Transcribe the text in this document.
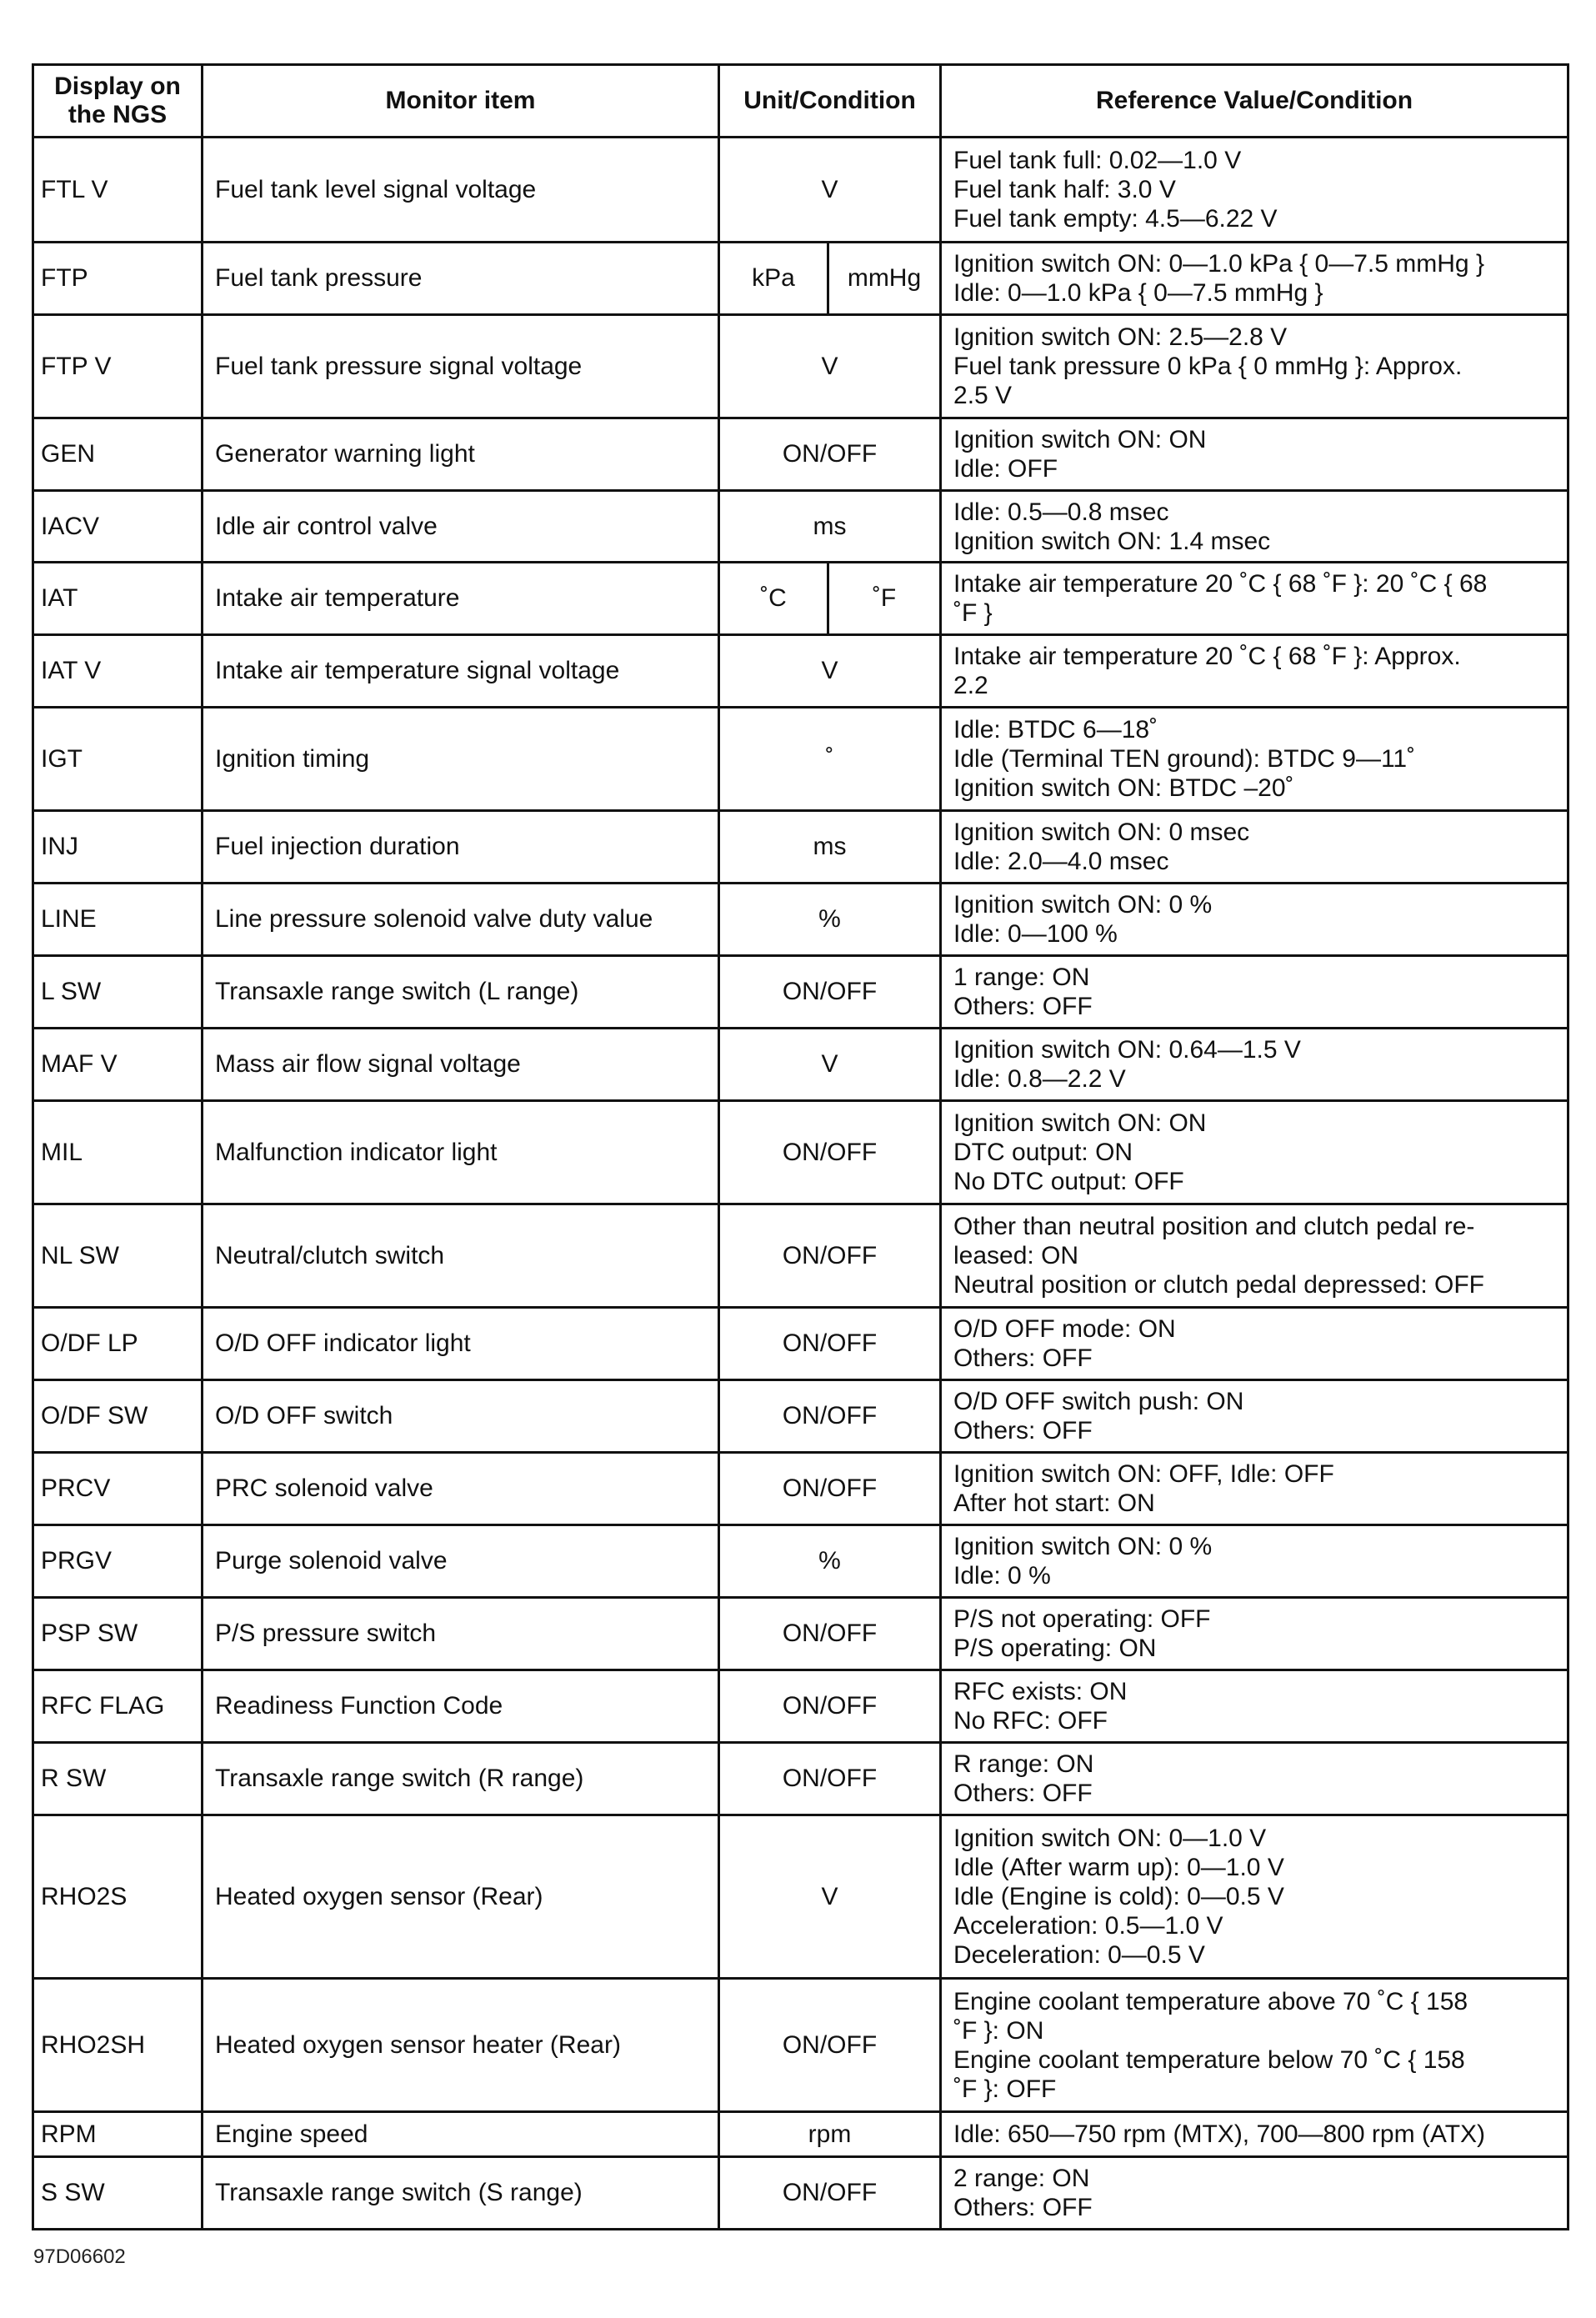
Display on the NGS	Monitor item	Unit/Condition		Reference Value/Condition
FTL V	Fuel tank level signal voltage	V		Fuel tank full: 0.02—1.0 V
Fuel tank half: 3.0 V
Fuel tank empty: 4.5—6.22 V

FTP	Fuel tank pressure	kPa	mmHg	Ignition switch ON: 0—1.0 kPa { 0—7.5 mmHg }
Idle: 0—1.0 kPa { 0—7.5 mmHg }

FTP V	Fuel tank pressure signal voltage	V		Ignition switch ON: 2.5—2.8 V
Fuel tank pressure 0 kPa { 0 mmHg }: Approx.
2.5 V

GEN	Generator warning light	ON/OFF		Ignition switch ON: ON
Idle: OFF

IACV	Idle air control valve	ms		Idle: 0.5—0.8 msec
Ignition switch ON: 1.4 msec

IAT	Intake air temperature	˚C	˚F	Intake air temperature 20 ˚C { 68 ˚F }: 20 ˚C { 68
˚F }

IAT V	Intake air temperature signal voltage	V		Intake air temperature 20 ˚C { 68 ˚F }: Approx.
2.2

IGT	Ignition timing	˚		Idle: BTDC 6—18˚
Idle (Terminal TEN ground): BTDC 9—11˚
Ignition switch ON: BTDC –20˚

INJ	Fuel injection duration	ms		Ignition switch ON: 0 msec
Idle: 2.0—4.0 msec

LINE	Line pressure solenoid valve duty value	%		Ignition switch ON: 0 %
Idle: 0—100 %

L SW	Transaxle range switch (L range)	ON/OFF		1 range: ON
Others: OFF

MAF V	Mass air flow signal voltage	V		Ignition switch ON: 0.64—1.5 V
Idle: 0.8—2.2 V

MIL	Malfunction indicator light	ON/OFF		Ignition switch ON: ON
DTC output: ON
No DTC output: OFF

NL SW	Neutral/clutch switch	ON/OFF		Other than neutral position and clutch pedal re-
leased: ON
Neutral position or clutch pedal depressed: OFF

O/DF LP	O/D OFF indicator light	ON/OFF		O/D OFF mode: ON
Others: OFF

O/DF SW	O/D OFF switch	ON/OFF		O/D OFF switch push: ON
Others: OFF

PRCV	PRC solenoid valve	ON/OFF		Ignition switch ON: OFF, Idle: OFF
After hot start: ON

PRGV	Purge solenoid valve	%		Ignition switch ON: 0 %
Idle: 0 %

PSP SW	P/S pressure switch	ON/OFF		P/S not operating: OFF
P/S operating: ON

RFC FLAG	Readiness Function Code	ON/OFF		RFC exists: ON
No RFC: OFF

R SW	Transaxle range switch (R range)	ON/OFF		R range: ON
Others: OFF

RHO2S	Heated oxygen sensor (Rear)	V		Ignition switch ON: 0—1.0 V
Idle (After warm up): 0—1.0 V
Idle (Engine is cold): 0—0.5 V
Acceleration: 0.5—1.0 V
Deceleration: 0—0.5 V

RHO2SH	Heated oxygen sensor heater (Rear)	ON/OFF		Engine coolant temperature above 70 ˚C { 158
˚F }: ON
Engine coolant temperature below 70 ˚C { 158
˚F }: OFF

RPM	Engine speed	rpm		Idle: 650—750 rpm (MTX), 700—800 rpm (ATX)

S SW	Transaxle range switch (S range)	ON/OFF		2 range: ON
Others: OFF
97D06602
